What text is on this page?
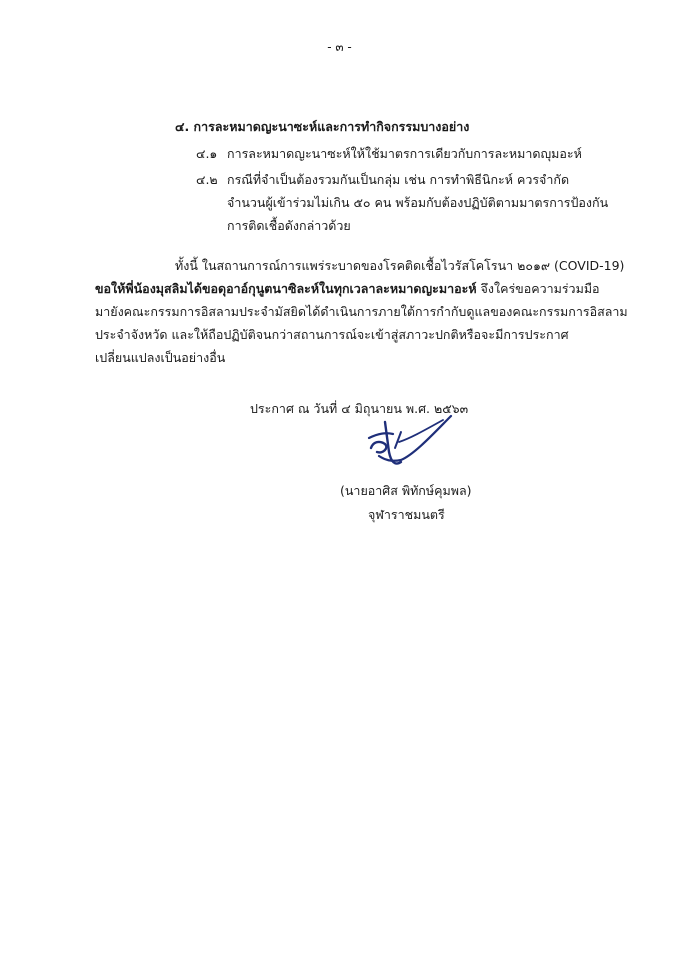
- ๓ -
๔. การละหมาดญะนาซะห์และการทำกิจกรรมบางอย่าง
๔.๑ การละหมาดญะนาซะห์ให้ใช้มาตรการเดียวกับการละหมาดญุมอะห์
๔.๒ กรณีที่จำเป็นต้องรวมกันเป็นกลุ่ม เช่น การทำพิธีนิกะห์ ควรจำกัด
จำนวนผู้เข้าร่วมไม่เกิน ๕๐ คน พร้อมกับต้องปฏิบัติตามมาตรการป้องกัน
การติดเชื้อดังกล่าวด้วย
ทั้งนี้ ในสถานการณ์การแพร่ระบาดของโรคติดเชื้อไวรัสโคโรนา ๒๐๑๙ (COVID-19)
ขอให้พี่น้องมุสลิมได้ขอดุอาอ์กุนูตนาซิละห์ในทุกเวลาละหมาดญะมาอะห์ จึงใคร่ขอความร่วมมือ
มายังคณะกรรมการอิสลามประจำมัสยิดได้ดำเนินการภายใต้การกำกับดูแลของคณะกรรมการอิสลาม
ประจำจังหวัด และให้ถือปฏิบัติจนกว่าสถานการณ์จะเข้าสู่สภาวะปกติหรือจะมีการประกาศ
เปลี่ยนแปลงเป็นอย่างอื่น
ประกาศ ณ วันที่ ๔ มิถุนายน พ.ศ. ๒๕๖๓
(นายอาศิส พิทักษ์คุมพล)
จุฬาราชมนตรี
